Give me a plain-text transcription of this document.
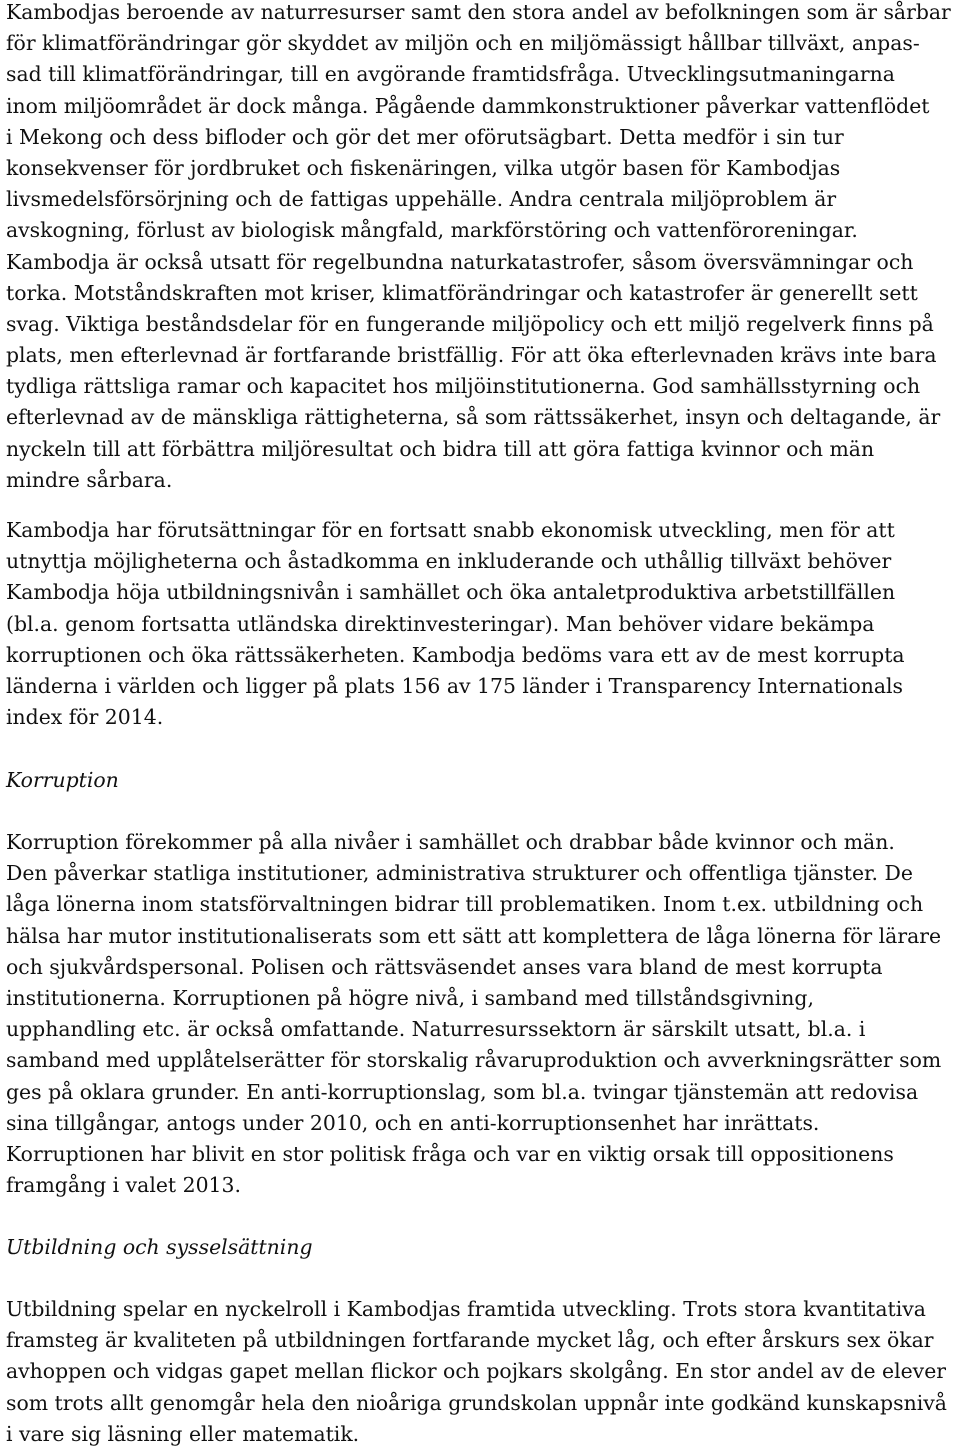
Kambodjas beroende av naturresurser samt den stora andel av befolkningen som är sårbar
för klimatförändringar gör skyddet av miljön och en miljömässigt hållbar tillväxt, anpas-
sad till klimatförändringar, till en avgörande framtidsfråga. Utvecklingsutmaningarna
inom miljöområdet är dock många. Pågående dammkonstruktioner påverkar vattenflödet
i Mekong och dess bifloder och gör det mer oförutsägbart. Detta medför i sin tur
konsekvenser för jordbruket och fiskenäringen, vilka utgör basen för Kambodjas
livsmedelsförsörjning och de fattigas uppehälle. Andra centrala miljöproblem är
avskogning, förlust av biologisk mångfald, markförstöring och vattenföroreningar.
Kambodja är också utsatt för regelbundna naturkatastrofer, såsom översvämningar och
torka. Motståndskraften mot kriser, klimatförändringar och katastrofer är generellt sett
svag. Viktiga beståndsdelar för en fungerande miljöpolicy och ett miljö regelverk finns på
plats, men efterlevnad är fortfarande bristfällig. För att öka efterlevnaden krävs inte bara
tydliga rättsliga ramar och kapacitet hos miljöinstitutionerna. God samhällsstyrning och
efterlevnad av de mänskliga rättigheterna, så som rättssäkerhet, insyn och deltagande, är
nyckeln till att förbättra miljöresultat och bidra till att göra fattiga kvinnor och män
mindre sårbara.
Kambodja har förutsättningar för en fortsatt snabb ekonomisk utveckling, men för att
utnyttja möjligheterna och åstadkomma en inkluderande och uthållig tillväxt behöver
Kambodja höja utbildningsnivån i samhället och öka antaletproduktiva arbetstillfällen
(bl.a. genom fortsatta utländska direktinvesteringar). Man behöver vidare bekämpa
korruptionen och öka rättssäkerheten. Kambodja bedöms vara ett av de mest korrupta
länderna i världen och ligger på plats 156 av 175 länder i Transparency Internationals
index för 2014.
Korruption
Korruption förekommer på alla nivåer i samhället och drabbar både kvinnor och män.
Den påverkar statliga institutioner, administrativa strukturer och offentliga tjänster. De
låga lönerna inom statsförvaltningen bidrar till problematiken. Inom t.ex. utbildning och
hälsa har mutor institutionaliserats som ett sätt att komplettera de låga lönerna för lärare
och sjukvårdspersonal. Polisen och rättsväsendet anses vara bland de mest korrupta
institutionerna. Korruptionen på högre nivå, i samband med tillståndsgivning,
upphandling etc. är också omfattande. Naturresurssektorn är särskilt utsatt, bl.a. i
samband med upplåtelserätter för storskalig råvaruproduktion och avverkningsrätter som
ges på oklara grunder. En anti-korruptionslag, som bl.a. tvingar tjänstemän att redovisa
sina tillgångar, antogs under 2010, och en anti-korruptionsenhet har inrättats.
Korruptionen har blivit en stor politisk fråga och var en viktig orsak till oppositionens
framgång i valet 2013.
Utbildning och sysselsättning
Utbildning spelar en nyckelroll i Kambodjas framtida utveckling. Trots stora kvantitativa
framsteg är kvaliteten på utbildningen fortfarande mycket låg, och efter årskurs sex ökar
avhoppen och vidgas gapet mellan flickor och pojkars skolgång. En stor andel av de elever
som trots allt genomgår hela den nioåriga grundskolan uppnår inte godkänd kunskapsnivå
i vare sig läsning eller matematik.
